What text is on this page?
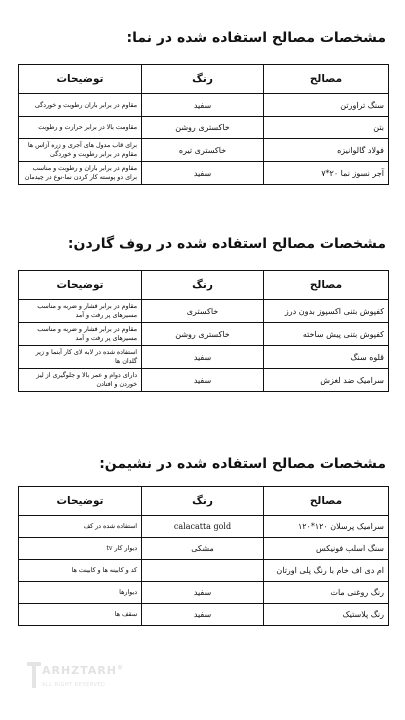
مشخصات مصالح استفاده شده در نما:
مصالح	رنگ	توضیحات
سنگ تراورتن	سفید	مقاوم در برابر باران رطوبت و خوردگی
بتن	خاکستری روشن	مقاومت بالا در برابر حرارت و رطوبت
فولاد گالوانیزه	خاکستری تیره	برای قاب مدول های آجری و زره آزاس ها مقاوم در برابر رطوبت و خوردگی
آجر نسوز نما ۲۰*۷	سفید	مقاوم در برابر باران و رطوبت و مناسب برای دو پوسته کار کردن نما-نوع در چیدمان
مشخصات مصالح استفاده شده در روف گاردن:
مصالح	رنگ	توضیحات
کفپوش بتنی اکسپوز بدون درز	خاکستری	مقاوم در برابر فشار و ضربه و مناسب مسیرهای پر رفت و آمد
کفپوش بتنی پیش ساخته	خاکستری روشن	مقاوم در برابر فشار و ضربه و مناسب مسیرهای پر رفت و آمد
قلوه سنگ	سفید	استفاده شده در لابه لای کار آبنما و زیر گلدان ها
سرامیک ضد لغزش	سفید	دارای دوام و عمر بالا و جلوگیری از لیز خوردن و افتادن
مشخصات مصالح استفاده شده در نشیمن:
مصالح	رنگ	توضیحات
سرامیک پرسلان ۱۲۰*۱۲۰	calacatta gold	استفاده شده در کف
سنگ اسلب فونیکس	مشکی	دیوار کار tv
ام دی اف خام با رنگ پلی اورتان		کد و کابینه ها و کابینت ها
رنگ روغنی مات	سفید	دیوارها
رنگ پلاستیک	سفید	سقف ها
ARHZTARH®
ALL RIGHT RESERVED
